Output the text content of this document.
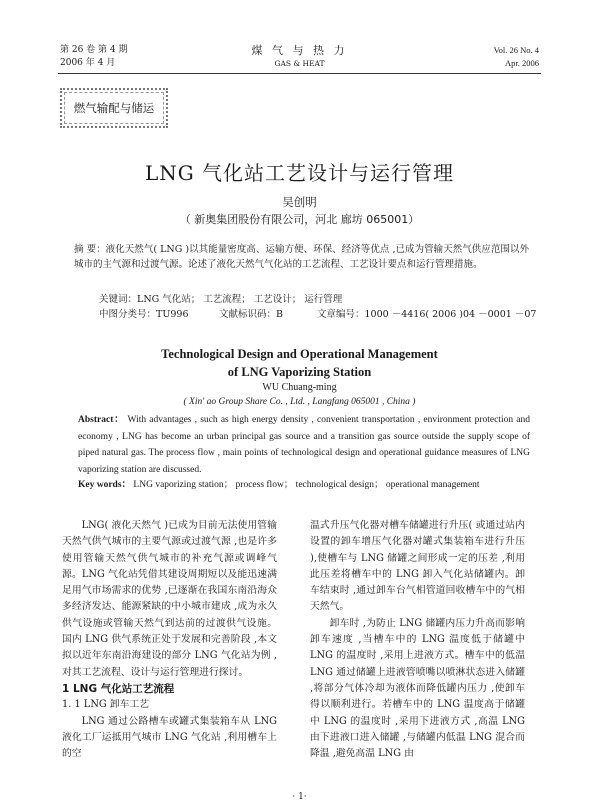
第 26 卷 第 4 期
2006 年 4 月
煤 气 与 热 力
GAS & HEAT
Vol. 26 No. 4
Apr. 2006
燃气输配与储运
LNG 气化站工艺设计与运行管理
吴创明
（ 新奥集团股份有限公司，河北 廊坊 065001）
摘 要：液化天然气( LNG )以其能量密度高、运输方便、环保、经济等优点 ,已成为管输天然气供应范围以外城市的主气源和过渡气源。论述了液化天然气气化站的工艺流程、工艺设计要点和运行管理措施。
关键词：LNG 气化站； 工艺流程； 工艺设计； 运行管理
中图分类号：TU996	文献标识码：B	文章编号：1000 －4416( 2006 )04 －0001 －07
Technological Design and Operational Management
of LNG Vaporizing Station
WU Chuang-ming
( Xin' ao Group Share Co. , Ltd. , Langfang 065001 , China )
Abstract： With advantages , such as high energy density , convenient transportation , environment protection and economy , LNG has become an urban principal gas source and a transition gas source outside the supply scope of piped natural gas. The process flow , main points of technological design and operational guidance measures of LNG vaporizing station are discussed.
Key words： LNG vaporizing station； process flow； technological design； operational management

LNG( 液化天然气 )已成为目前无法使用管输天然气供气城市的主要气源或过渡气源 ,也是许多使用管输天然气供气城市的补充气源或调峰气源。LNG 气化站凭借其建设周期短以及能迅速满足用气市场需求的优势 ,已逐渐在我国东南沿海众多经济发达、能源紧缺的中小城市建成 ,成为永久供气设施或管输天然气到达前的过渡供气设施。国内 LNG 供气系统正处于发展和完善阶段 ,本文拟以近年东南沿海建设的部分 LNG 气化站为例 ,对其工艺流程、设计与运行管理进行探讨。

1 LNG 气化站工艺流程

1. 1 LNG 卸车工艺

LNG 通过公路槽车或罐式集装箱车从 LNG 液化工厂运抵用气城市 LNG 气化站 ,利用槽车上的空

温式升压气化器对槽车储罐进行升压( 或通过站内设置的卸车增压气化器对罐式集装箱车进行升压 ),使槽车与 LNG 储罐之间形成一定的压差 ,利用此压差将槽车中的 LNG 卸入气化站储罐内。卸车结束时 ,通过卸车台气相管道回收槽车中的气相天然气。

卸车时 ,为防止 LNG 储罐内压力升高而影响卸车速度 ,当槽车中的 LNG 温度低于储罐中 LNG 的温度时 ,采用上进液方式。槽车中的低温 LNG 通过储罐上进液管喷嘴以喷淋状态进入储罐 ,将部分气体冷却为液体而降低罐内压力 ,使卸车得以顺利进行。若槽车中的 LNG 温度高于储罐中 LNG 的温度时 ,采用下进液方式 ,高温 LNG 由下进液口进入储罐 ,与储罐内低温 LNG 混合而降温 ,避免高温 LNG 由

· 1·
